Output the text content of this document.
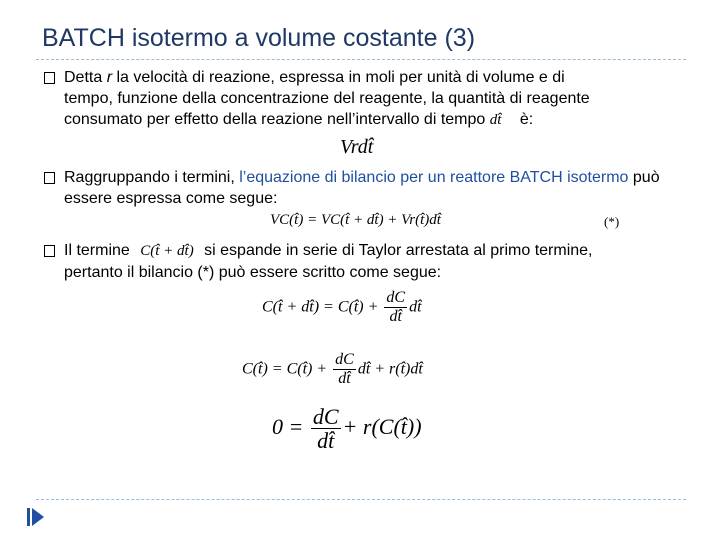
BATCH isotermo a volume costante (3)
Detta r la velocità di reazione, espressa in moli per unità di volume e di
tempo, funzione della concentrazione del reagente, la quantità di reagente
consumato per effetto della reazione nell’intervallo di tempo dt̂ è:
Vrdt̂
Raggruppando i termini, l’equazione di bilancio per un reattore BATCH isotermo può essere espressa come segue:
VC(t̂) = VC(t̂ + dt̂) + Vr(t̂)dt̂	(*)
Il termine C(t̂ + dt̂) si espande in serie di Taylor arrestata al primo termine,
pertanto il bilancio (*) può essere scritto come segue:
C(t̂ + dt̂) = C(t̂) + $\frac{dC}{dt̂}$ dt̂
C(t̂) = C(t̂) + $\frac{dC}{dt̂}$ dt̂ + r(t̂)dt̂
$0 = \frac{dC}{dt̂}$ + r(C(t̂))
